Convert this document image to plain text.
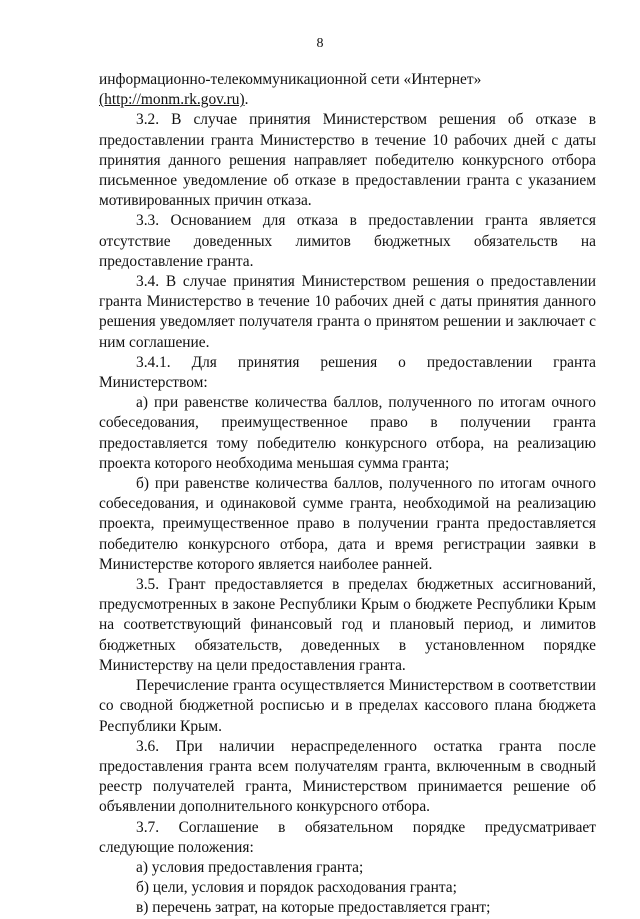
8

информационно-телекоммуникационной сети «Интернет»
(http://monm.rk.gov.ru).

3.2. В случае принятия Министерством решения об отказе в предоставлении гранта Министерство в течение 10 рабочих дней с даты принятия данного решения направляет победителю конкурсного отбора письменное уведомление об отказе в предоставлении гранта с указанием мотивированных причин отказа.

3.3. Основанием для отказа в предоставлении гранта является отсутствие доведенных лимитов бюджетных обязательств на предоставление гранта.

3.4. В случае принятия Министерством решения о предоставлении гранта Министерство в течение 10 рабочих дней с даты принятия данного решения уведомляет получателя гранта о принятом решении и заключает с ним соглашение.

3.4.1. Для принятия решения о предоставлении гранта Министерством:

а) при равенстве количества баллов, полученного по итогам очного собеседования, преимущественное право в получении гранта предоставляется тому победителю конкурсного отбора, на реализацию проекта которого необходима меньшая сумма гранта;

б) при равенстве количества баллов, полученного по итогам очного собеседования, и одинаковой сумме гранта, необходимой на реализацию проекта, преимущественное право в получении гранта предоставляется победителю конкурсного отбора, дата и время регистрации заявки в Министерстве которого является наиболее ранней.

3.5. Грант предоставляется в пределах бюджетных ассигнований, предусмотренных в законе Республики Крым о бюджете Республики Крым на соответствующий финансовый год и плановый период, и лимитов бюджетных обязательств, доведенных в установленном порядке Министерству на цели предоставления гранта.

Перечисление гранта осуществляется Министерством в соответствии со сводной бюджетной росписью и в пределах кассового плана бюджета Республики Крым.

3.6. При наличии нераспределенного остатка гранта после предоставления гранта всем получателям гранта, включенным в сводный реестр получателей гранта, Министерством принимается решение об объявлении дополнительного конкурсного отбора.

3.7. Соглашение в обязательном порядке предусматривает следующие положения:

а) условия предоставления гранта;

б) цели, условия и порядок расходования гранта;

в) перечень затрат, на которые предоставляется грант;
